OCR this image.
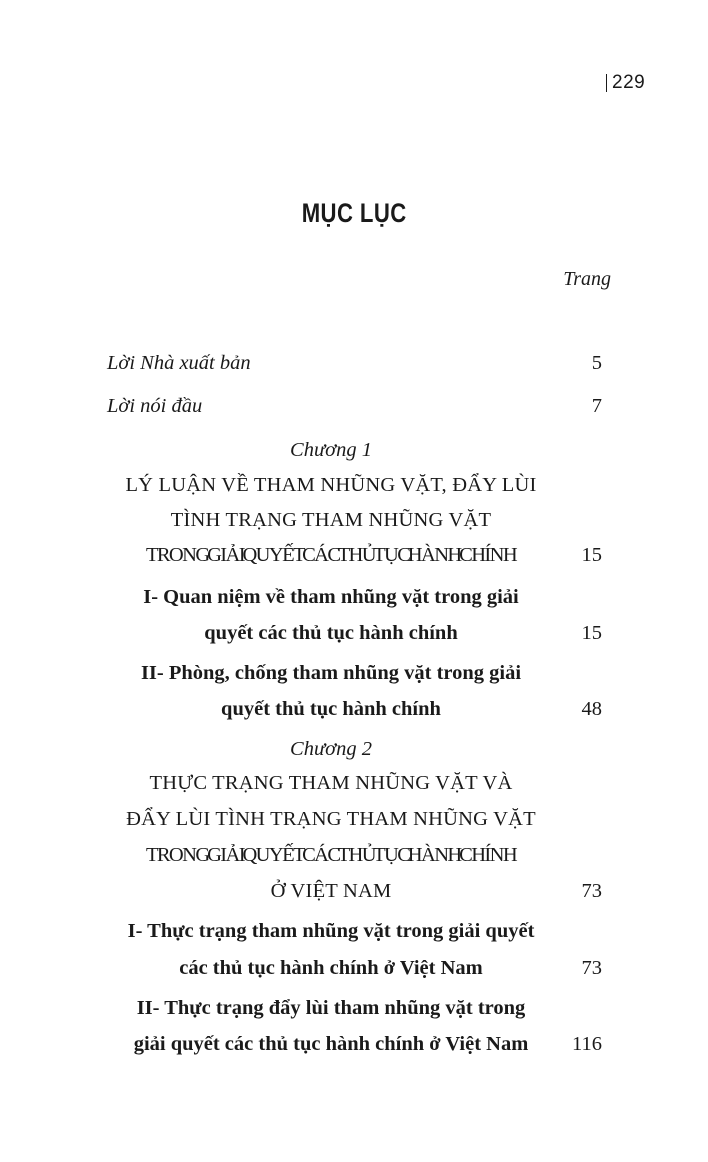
229
MỤC LỤC
Trang
Lời Nhà xuất bản	5
Lời nói đầu	7
Chương 1
LÝ LUẬN VỀ THAM NHŨNG VẶT, ĐẨY LÙI
TÌNH TRẠNG THAM NHŨNG VẶT
TRONG GIẢI QUYẾT CÁC THỦ TỤC HÀNH CHÍNH	15
I- Quan niệm về tham nhũng vặt trong giải
quyết các thủ tục hành chính	15
II- Phòng, chống tham nhũng vặt trong giải
quyết thủ tục hành chính	48
Chương 2
THỰC TRẠNG THAM NHŨNG VẶT VÀ
ĐẨY LÙI TÌNH TRẠNG THAM NHŨNG VẶT
TRONG GIẢI QUYẾT CÁC THỦ TỤC HÀNH CHÍNH
Ở VIỆT NAM	73
I- Thực trạng tham nhũng vặt trong giải quyết
các thủ tục hành chính ở Việt Nam	73
II- Thực trạng đẩy lùi tham nhũng vặt trong
giải quyết các thủ tục hành chính ở Việt Nam	116
